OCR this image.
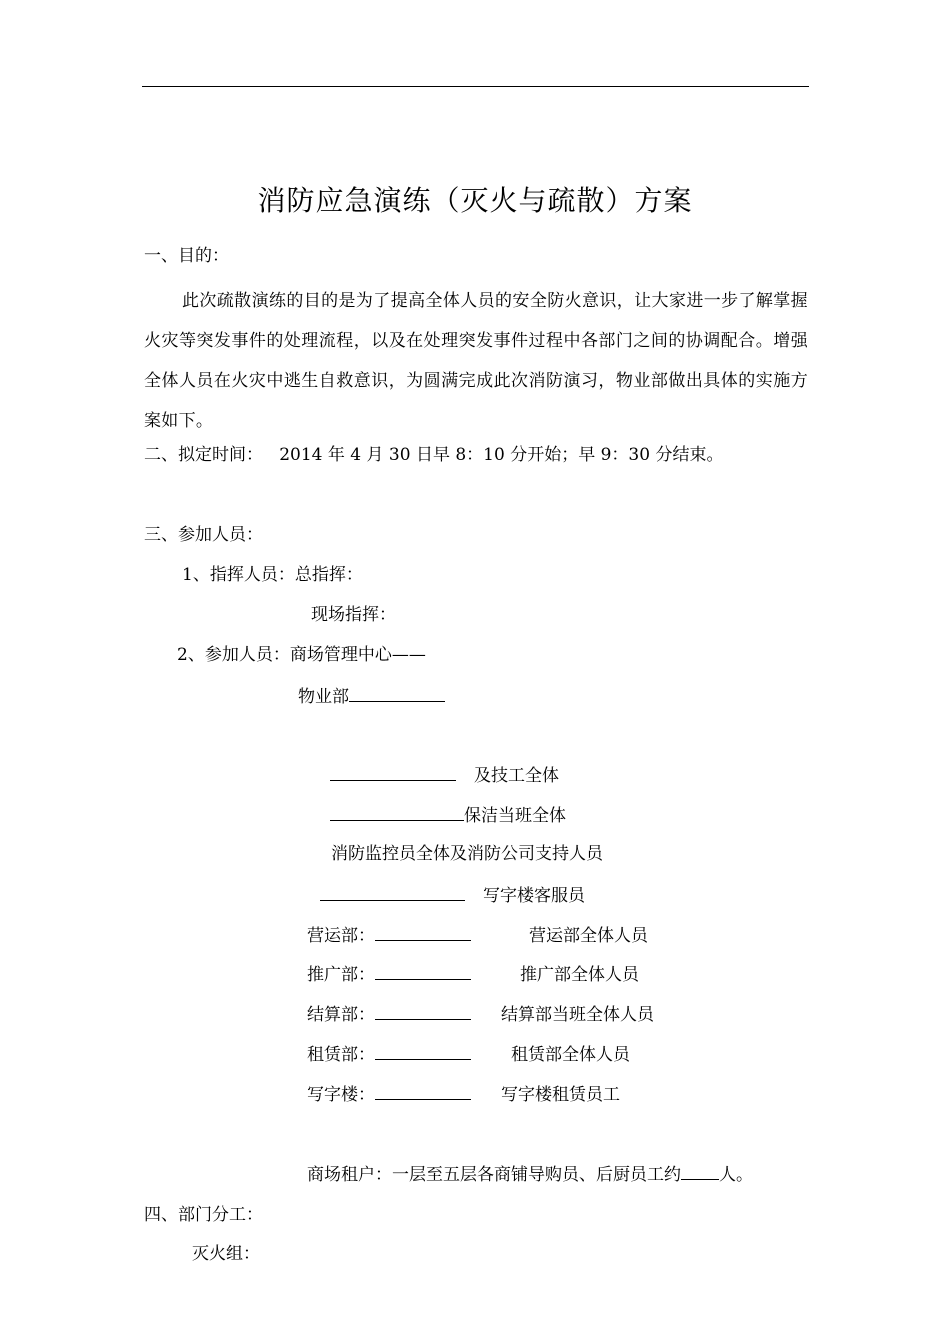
消防应急演练（灭火与疏散）方案
一、目的：
此次疏散演练的目的是为了提高全体人员的安全防火意识，让大家进一步了解掌握火灾等突发事件的处理流程，以及在处理突发事件过程中各部门之间的协调配合。增强全体人员在火灾中逃生自救意识，为圆满完成此次消防演习，物业部做出具体的实施方案如下。
二、拟定时间：   2014 年 4 月 30 日早 8：10 分开始；早 9：30 分结束。
三、参加人员：
1、指挥人员：总指挥：
现场指挥：
2、参加人员：商场管理中心——
物业部
及技工全体
保洁当班全体
消防监控员全体及消防公司支持人员
写字楼客服员
营运部：	营运部全体人员
推广部：	推广部全体人员
结算部：	结算部当班全体人员
租赁部：	租赁部全体人员
写字楼：	写字楼租赁员工
商场租户：一层至五层各商铺导购员、后厨员工约 人。
四、部门分工：
灭火组：
